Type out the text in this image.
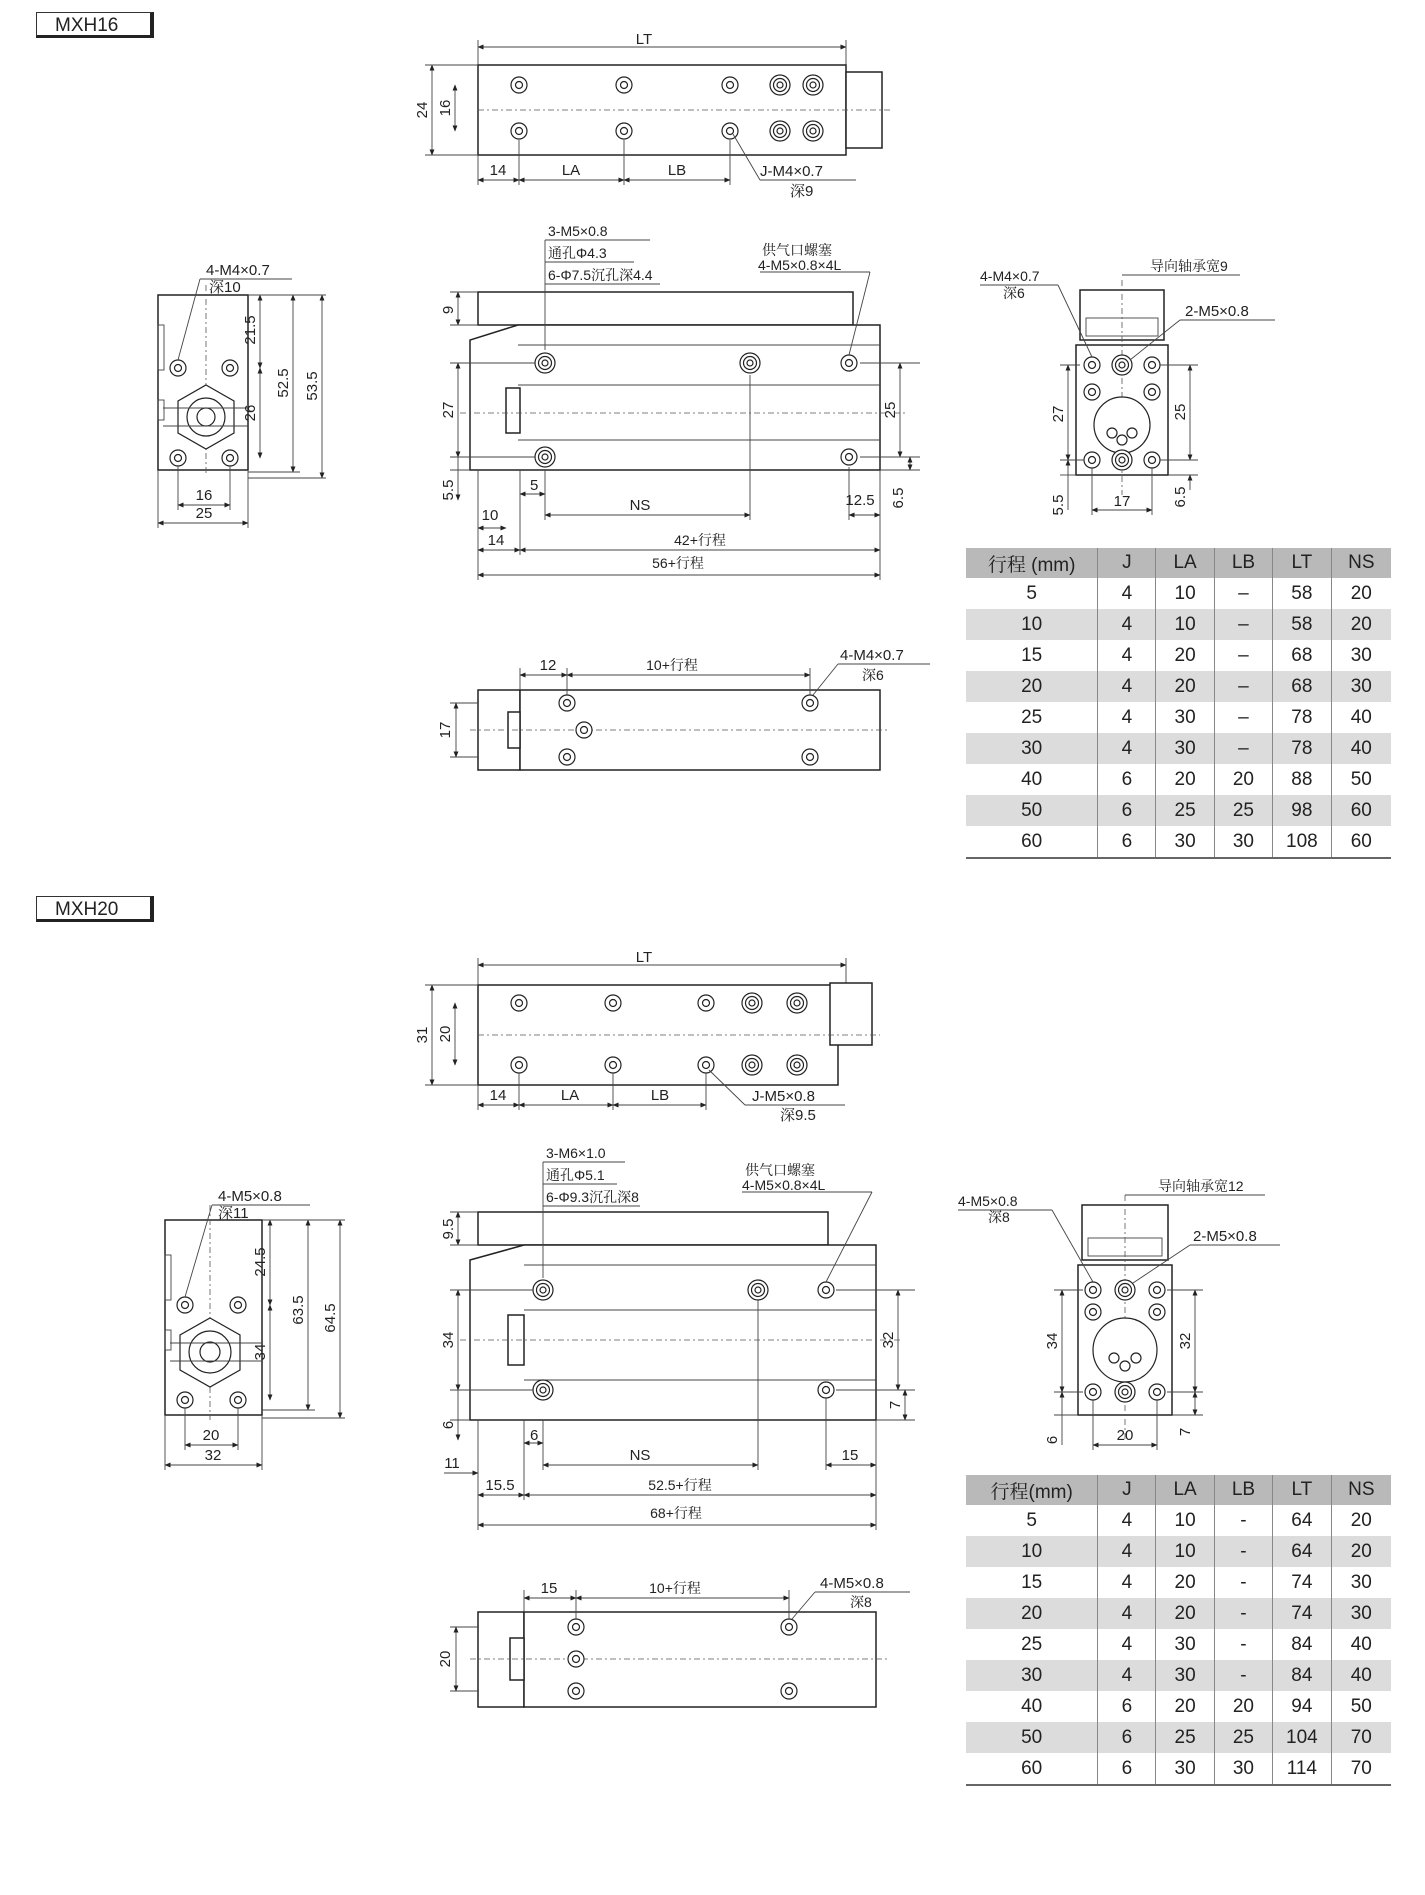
MXH16
MXH20
LT
24 16
14	LA	LB	J-M4×0.7
深9
4-M4×0.7
深10
21.5
26
52.5 53.5
16
25
3-M5×0.8
通孔Φ4.3
6-Φ7.5沉孔深4.4
供气口螺塞
4-M5×0.8×4L
9
27
5.5
25
6.5
5
NS	12.5
10
14	42+行程
56+行程
4-M4×0.7
深6
导向轴承宽9
2-M5×0.8
27
5.5
25
6.5
17
12	10+行程
17
4-M4×0.7
深6
LT
31 20
14	LA	LB	J-M5×0.8
深9.5
4-M5×0.8
深11
24.5
34
63.5 64.5
20
32
3-M6×1.0
通孔Φ5.1
6-Φ9.3沉孔深8
供气口螺塞
4-M5×0.8×4L
9.5
34
6
32
7
6
NS	15
11
15.5	52.5+行程
68+行程
4-M5×0.8
深8
导向轴承宽12
2-M5×0.8
34
6
32
7
20
15	10+行程
20
4-M5×0.8
深8
行程 (mm)	J	LA	LB	LT	NS
5	4	10	–	58	20
10	4	10	–	58	20
15	4	20	–	68	30
20	4	20	–	68	30
25	4	30	–	78	40
30	4	30	–	78	40
40	6	20	20	88	50
50	6	25	25	98	60
60	6	30	30	108	60
行程(mm)	J	LA	LB	LT	NS
5	4	10	-	64	20
10	4	10	-	64	20
15	4	20	-	74	30
20	4	20	-	74	30
25	4	30	-	84	40
30	4	30	-	84	40
40	6	20	20	94	50
50	6	25	25	104	70
60	6	30	30	114	70
